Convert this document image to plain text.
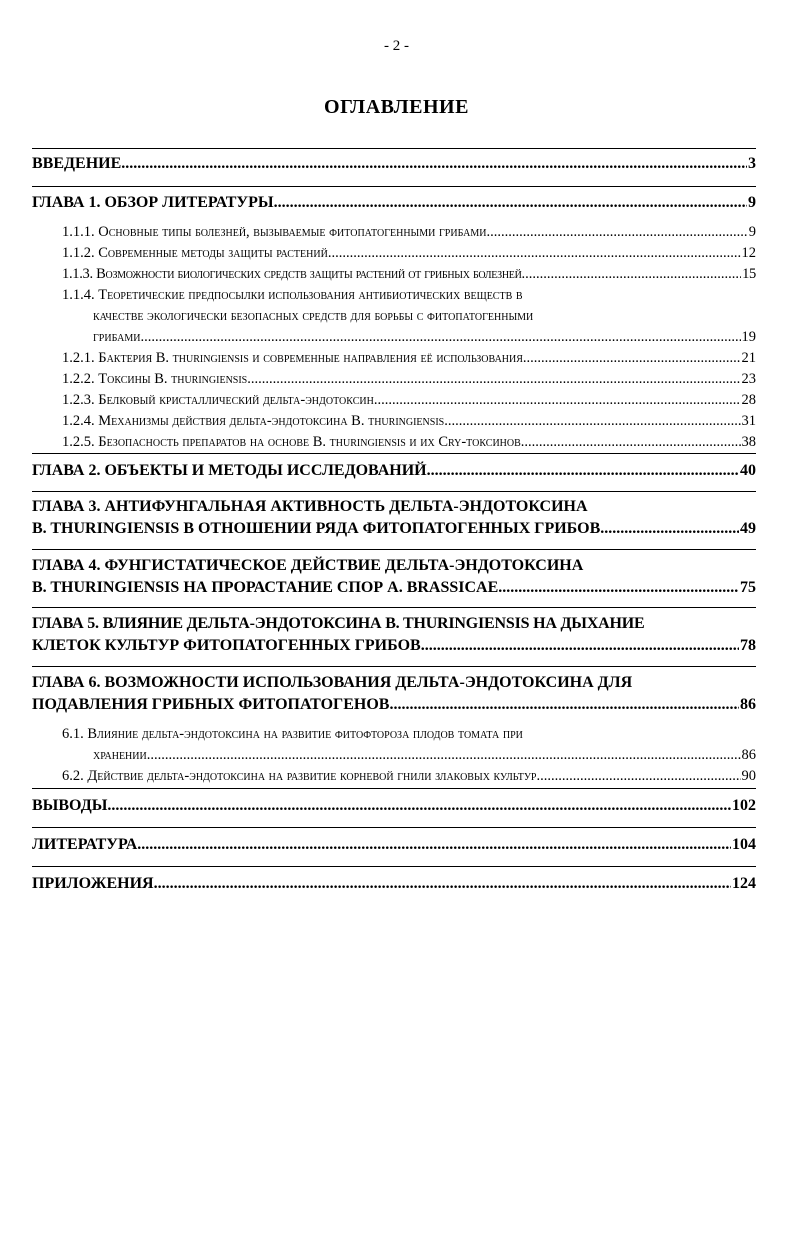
- 2 -
ОГЛАВЛЕНИЕ
ВВЕДЕНИЕ .....	3
ГЛАВА 1. ОБЗОР ЛИТЕРАТУРЫ .....	9
1.1.1. Основные типы болезней, вызываемые фитопатогенными грибами .....	9
1.1.2. Современные методы защиты растений .....	12
1.1.3. Возможности биологических средств защиты растений от грибных болезней .....	15
1.1.4. Теоретические предпосылки использования антибиотических веществ в
качестве экологически безопасных средств для борьбы с фитопатогенными
грибами .....	19
1.2.1. Бактерия B. thuringiensis и современные направления её использования .....	21
1.2.2. Токсины B. thuringiensis .....	23
1.2.3. Белковый кристаллический дельта-эндотоксин .....	28
1.2.4. Механизмы действия дельта-эндотоксина B. thuringiensis .....	31
1.2.5. Безопасность препаратов на основе B. thuringiensis и их Cry-токсинов .....	38
ГЛАВА 2. ОБЪЕКТЫ И МЕТОДЫ ИССЛЕДОВАНИЙ .....	40
ГЛАВА 3. АНТИФУНГАЛЬНАЯ АКТИВНОСТЬ ДЕЛЬТА-ЭНДОТОКСИНА
B. THURINGIENSIS В ОТНОШЕНИИ РЯДА ФИТОПАТОГЕННЫХ ГРИБОВ .....	49
ГЛАВА 4. ФУНГИСТАТИЧЕСКОЕ ДЕЙСТВИЕ ДЕЛЬТА-ЭНДОТОКСИНА
B. THURINGIENSIS НА ПРОРАСТАНИЕ СПОР A. BRASSICAE .....	75
ГЛАВА 5. ВЛИЯНИЕ ДЕЛЬТА-ЭНДОТОКСИНА B. THURINGIENSIS НА ДЫХАНИЕ
КЛЕТОК КУЛЬТУР ФИТОПАТОГЕННЫХ ГРИБОВ .....	78
ГЛАВА 6. ВОЗМОЖНОСТИ ИСПОЛЬЗОВАНИЯ ДЕЛЬТА-ЭНДОТОКСИНА ДЛЯ
ПОДАВЛЕНИЯ ГРИБНЫХ ФИТОПАТОГЕНОВ .....	86
6.1. Влияние дельта-эндотоксина на развитие фитофтороза плодов томата при
хранении .....	86
6.2. Действие дельта-эндотоксина на развитие корневой гнили злаковых культур .....	90
ВЫВОДЫ .....	102
ЛИТЕРАТУРА .....	104
ПРИЛОЖЕНИЯ .....	124
